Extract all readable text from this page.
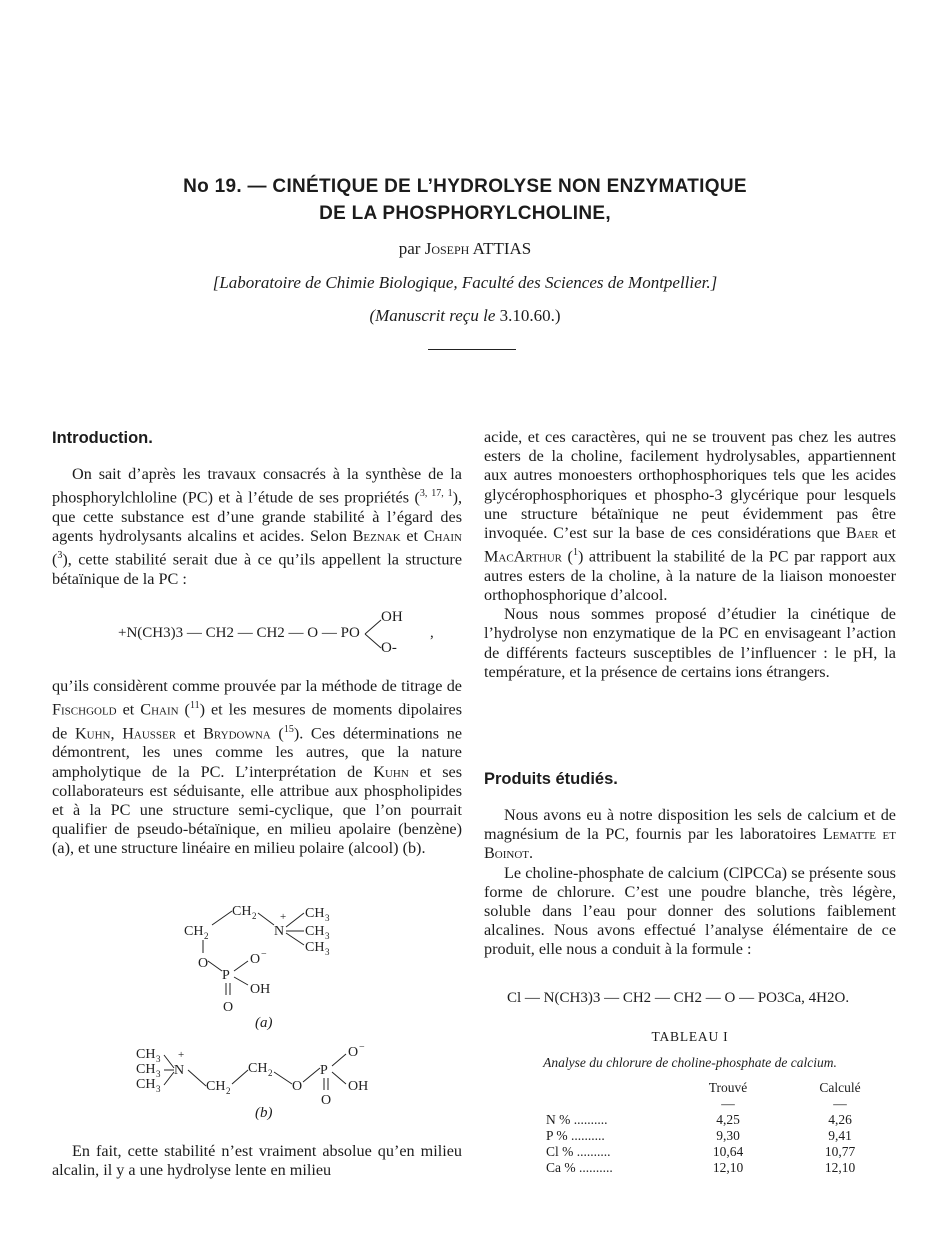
No 19. — CINÉTIQUE DE L’HYDROLYSE NON ENZYMATIQUE
DE LA PHOSPHORYLCHOLINE,
par Joseph ATTIAS
[Laboratoire de Chimie Biologique, Faculté des Sciences de Montpellier.]
(Manuscrit reçu le 3.10.60.)
Introduction.

On sait d’après les travaux consacrés à la synthèse de la phosphorylchloline (PC) et à l’étude de ses propriétés ($^{3, 17, 1}$), que cette substance est d’une grande stabilité à l’égard des agents hydrolysants alcalins et acides. Selon Beznak et Chain ($^3$), cette stabilité serait due à ce qu’ils appellent la structure bétaïnique de la PC :

+N(CH3)3 — CH2 — CH2 — O — PO
OH
O-
,

qu’ils considèrent comme prouvée par la méthode de titrage de Fischgold et Chain ($^{11}$) et les mesures de moments dipolaires de Kuhn, Hausser et Brydowna ($^{15}$). Ces déterminations ne démontrent, les unes comme les autres, que la nature ampholytique de la PC. L’interprétation de Kuhn et ses collaborateurs est séduisante, elle attribue aux phospholipides et à la PC une structure semi-cyclique, que l’on pourrait qualifier de pseudo-bétaïnique, en milieu apolaire (benzène) (a), et une structure linéaire en milieu polaire (alcool) (b).

CH 2
CH 2 +
N
CH 3
CH 3
CH 3
O
P
O −
OH
O
(a)
CH 3
CH 3
CH 3
+
N
CH 2
CH 2
O
P
O −
OH
O
(b)

En fait, cette stabilité n’est vraiment absolue qu’en milieu alcalin, il y a une hydrolyse lente en milieu

acide, et ces caractères, qui ne se trouvent pas chez les autres esters de la choline, facilement hydrolysables, appartiennent aux autres monoesters orthophosphoriques tels que les acides glycérophosphoriques et phospho-3 glycérique pour lesquels une structure bétaïnique ne peut évidemment pas être invoquée. C’est sur la base de ces considérations que Baer et MacArthur ($^1$) attribuent la stabilité de la PC par rapport aux autres esters de la choline, à la nature de la liaison monoester orthophosphorique d’alcool.

Nous nous sommes proposé d’étudier la cinétique de l’hydrolyse non enzymatique de la PC en envisageant l’action de différents facteurs susceptibles de l’influencer : le pH, la température, et la présence de certains ions étrangers.

Produits étudiés.

Nous avons eu à notre disposition les sels de calcium et de magnésium de la PC, fournis par les laboratoires Lematte et Boinot.

Le choline-phosphate de calcium (ClPCCa) se présente sous forme de chlorure. C’est une poudre blanche, très légère, soluble dans l’eau pour donner des solutions faiblement alcalines. Nous avons effectué l’analyse élémentaire de ce produit, elle nous a conduit à la formule :

Cl — N(CH3)3 — CH2 — CH2 — O — PO3Ca, 4H2O.
TABLEAU I
Analyse du chlorure de choline-phosphate de calcium.
	Trouvé	Calculé
	—	—
N % ..........	4,25	4,26
P % ..........	9,30	9,41
Cl % ..........	10,64	10,77
Ca % ..........	12,10	12,10
